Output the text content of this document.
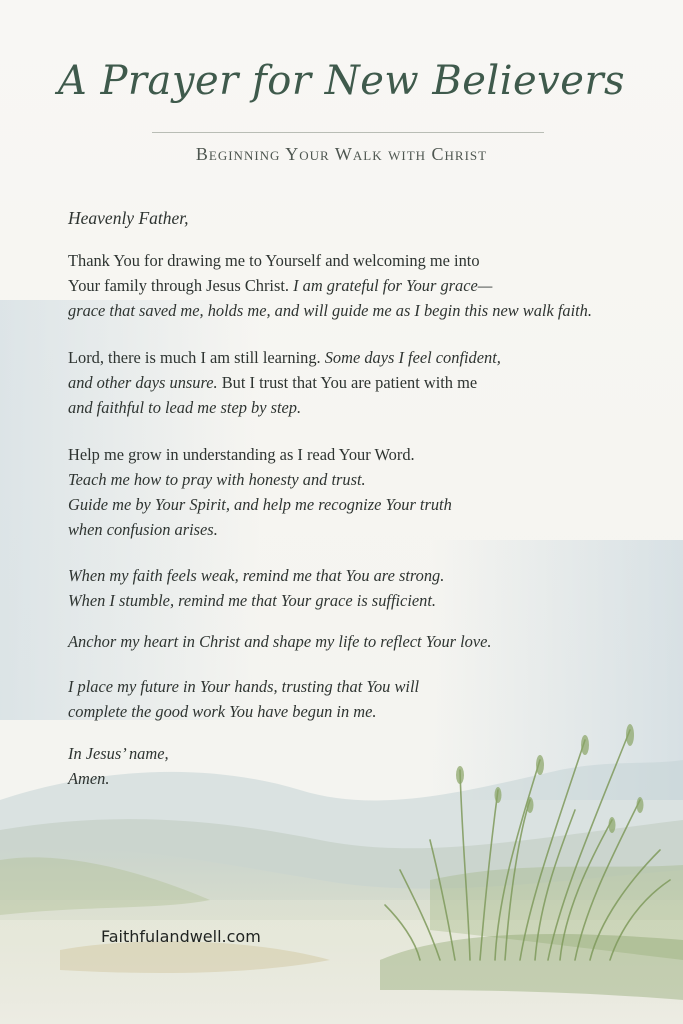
A Prayer for New Believers
Beginning Your Walk with Christ
Heavenly Father,
Thank You for drawing me to Yourself and welcoming me into
Your family through Jesus Christ. I am grateful for Your grace—
grace that saved me, holds me, and will guide me as I begin this new walk faith.
Lord, there is much I am still learning. Some days I feel confident,
and other days unsure. But I trust that You are patient with me
and faithful to lead me step by step.
Help me grow in understanding as I read Your Word.
Teach me how to pray with honesty and trust.
Guide me by Your Spirit, and help me recognize Your truth
when confusion arises.
When my faith feels weak, remind me that You are strong.
When I stumble, remind me that Your grace is sufficient.
Anchor my heart in Christ and shape my life to reflect Your love.
I place my future in Your hands, trusting that You will
complete the good work You have begun in me.
In Jesus’ name,
Amen.
Faithfulandwell.com
